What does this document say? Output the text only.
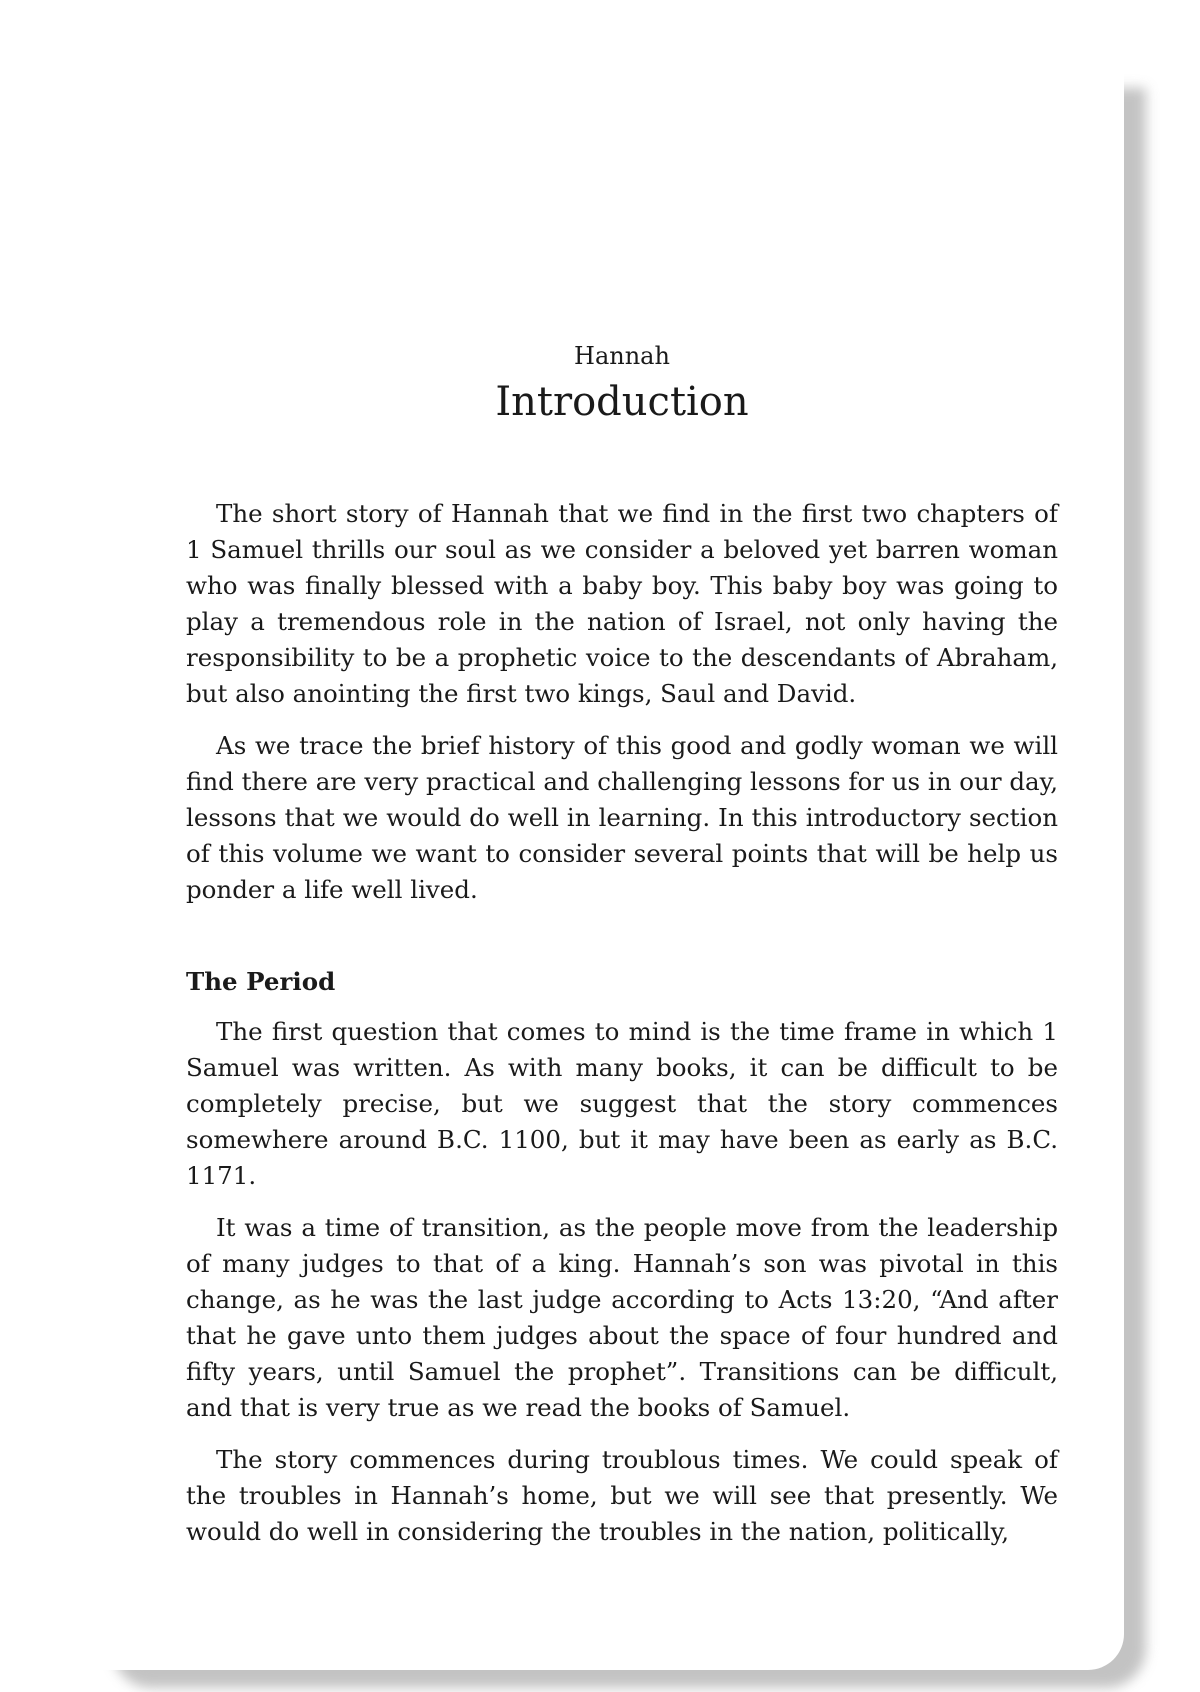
Hannah

Introduction

The short story of Hannah that we find in the first two chapters of 1 Samuel thrills our soul as we consider a beloved yet barren woman who was finally blessed with a baby boy. This baby boy was going to play a tremendous role in the nation of Israel, not only having the responsibility to be a prophetic voice to the descendants of Abraham, but also anointing the first two kings, Saul and David.

As we trace the brief history of this good and godly woman we will find there are very practical and challenging lessons for us in our day, lessons that we would do well in learning. In this introductory section of this volume we want to consider several points that will be help us ponder a life well lived.

The Period

The first question that comes to mind is the time frame in which 1 Samuel was written. As with many books, it can be difficult to be completely precise, but we suggest that the story commences somewhere around B.C. 1100, but it may have been as early as B.C. 1171.

It was a time of transition, as the people move from the leadership of many judges to that of a king. Hannah’s son was pivotal in this change, as he was the last judge according to Acts 13:20, “And after that he gave unto them judges about the space of four hundred and fifty years, until Samuel the prophet”. Transitions can be difficult, and that is very true as we read the books of Samuel.

The story commences during troublous times. We could speak of the troubles in Hannah’s home, but we will see that presently. We would do well in considering the troubles in the nation, politically,
